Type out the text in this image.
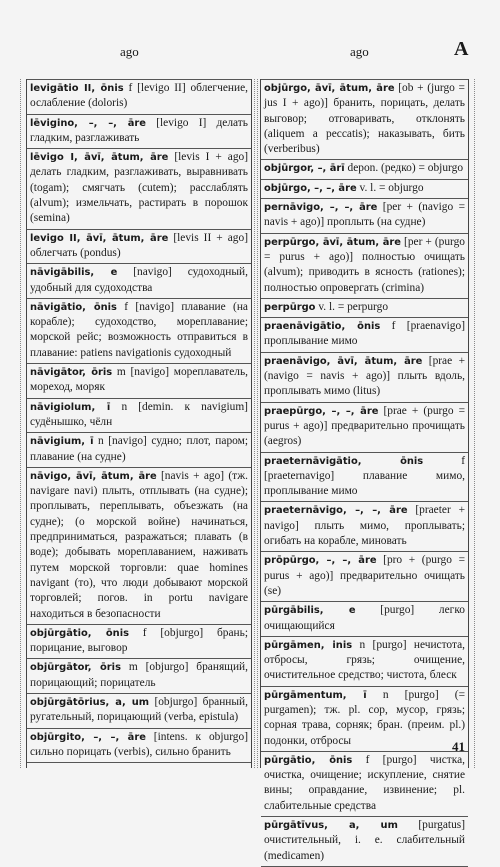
ago	ago	A
levigātio II, ōnis f [levigo II] облегчение, ослабление (doloris)
lēvigino, –, –, āre [levigo I] делать гладким, разглаживать
lēvigo I, āvī, ātum, āre [levis I + ago] делать гладким, разглаживать, выравнивать (togam); смягчать (cutem); расслаблять (alvum); измельчать, растирать в порошок (semina)
levigo II, āvī, ātum, āre [levis II + ago] облегчать (pondus)
nāvigābilis, e [navigo] судоходный, удобный для судоходства
nāvigātio, ōnis f [navigo] плавание (на корабле); судоходство, мореплавание; морской рейс; возможность отправиться в плавание: patiens navigationis судоходный
nāvigātor, ōris m [navigo] мореплаватель, мореход, моряк
nāvigiolum, ī n [demin. к navigium] судёнышко, чёлн
nāvigium, ī n [navigo] судно; плот, паром; плавание (на судне)
nāvigo, āvī, ātum, āre [navis + ago] (тж. navigare navi) плыть, отплывать (на судне); проплывать, переплывать, объезжать (на судне); (о морской войне) начинаться, предприниматься, разражаться; плавать (в воде); добывать мореплаванием, наживать путем морской торговли: quae homines navigant (то), что люди добывают морской торговлей; погов. in portu navigare находиться в безопасности
objūrgātio, ōnis f [objurgo] брань; порицание, выговор
objūrgātor, ōris m [objurgo] бранящий, порицающий; порицатель
objūrgātōrius, a, um [objurgo] бранный, ругательный, порицающий (verba, epistula)
objūrgito, –, –, āre [intens. к objurgo] сильно порицать (verbis), сильно бранить
objūrgo, āvī, ātum, āre [ob + (jurgo = jus I + ago)] бранить, порицать, делать выговор; отговаривать, отклонять (aliquem a peccatis); наказывать, бить (verberibus)
objūrgor, –, ārī depon. (редко) = objurgo
objūrgo, –, –, āre v. l. = objurgo
pernāvigo, –, –, āre [per + (navigo = navis + ago)] проплыть (на судне)
perpūrgo, āvī, ātum, āre [per + (purgo = purus + ago)] полностью очищать (alvum); приводить в ясность (rationes); полностью опровергать (crimina)
perpūrgo v. l. = perpurgo
praenāvigātio, ōnis f [praenavigo] проплывание мимо
praenāvigo, āvī, ātum, āre [prae + (navigo = navis + ago)] плыть вдоль, проплывать мимо (litus)
praepūrgo, –, –, āre [prae + (purgo = purus + ago)] предварительно прочищать (aegros)
praeternāvigātio, ōnis f [praeternavigo] плавание мимо, проплывание мимо
praeternāvigo, –, –, āre [praeter + navigo] плыть мимо, проплывать; огибать на корабле, миновать
prōpūrgo, –, –, āre [pro + (purgo = purus + ago)] предварительно очищать (se)
pūrgābilis, e [purgo] легко очищающийся
pūrgāmen, inis n [purgo] нечистота, отбросы, грязь; очищение, очистительное средство; чистота, блеск
pūrgāmentum, ī n [purgo] (= purgamen); тж. pl. сор, мусор, грязь; сорная трава, сорняк; бран. (преим. pl.) подонки, отбросы
pūrgātio, ōnis f [purgo] чистка, очистка, очищение; искупление, снятие вины; оправдание, извинение; pl. слабительные средства
pūrgātīvus, a, um [purgatus] очистительный, i. e. слабительный (medicamen)
41
